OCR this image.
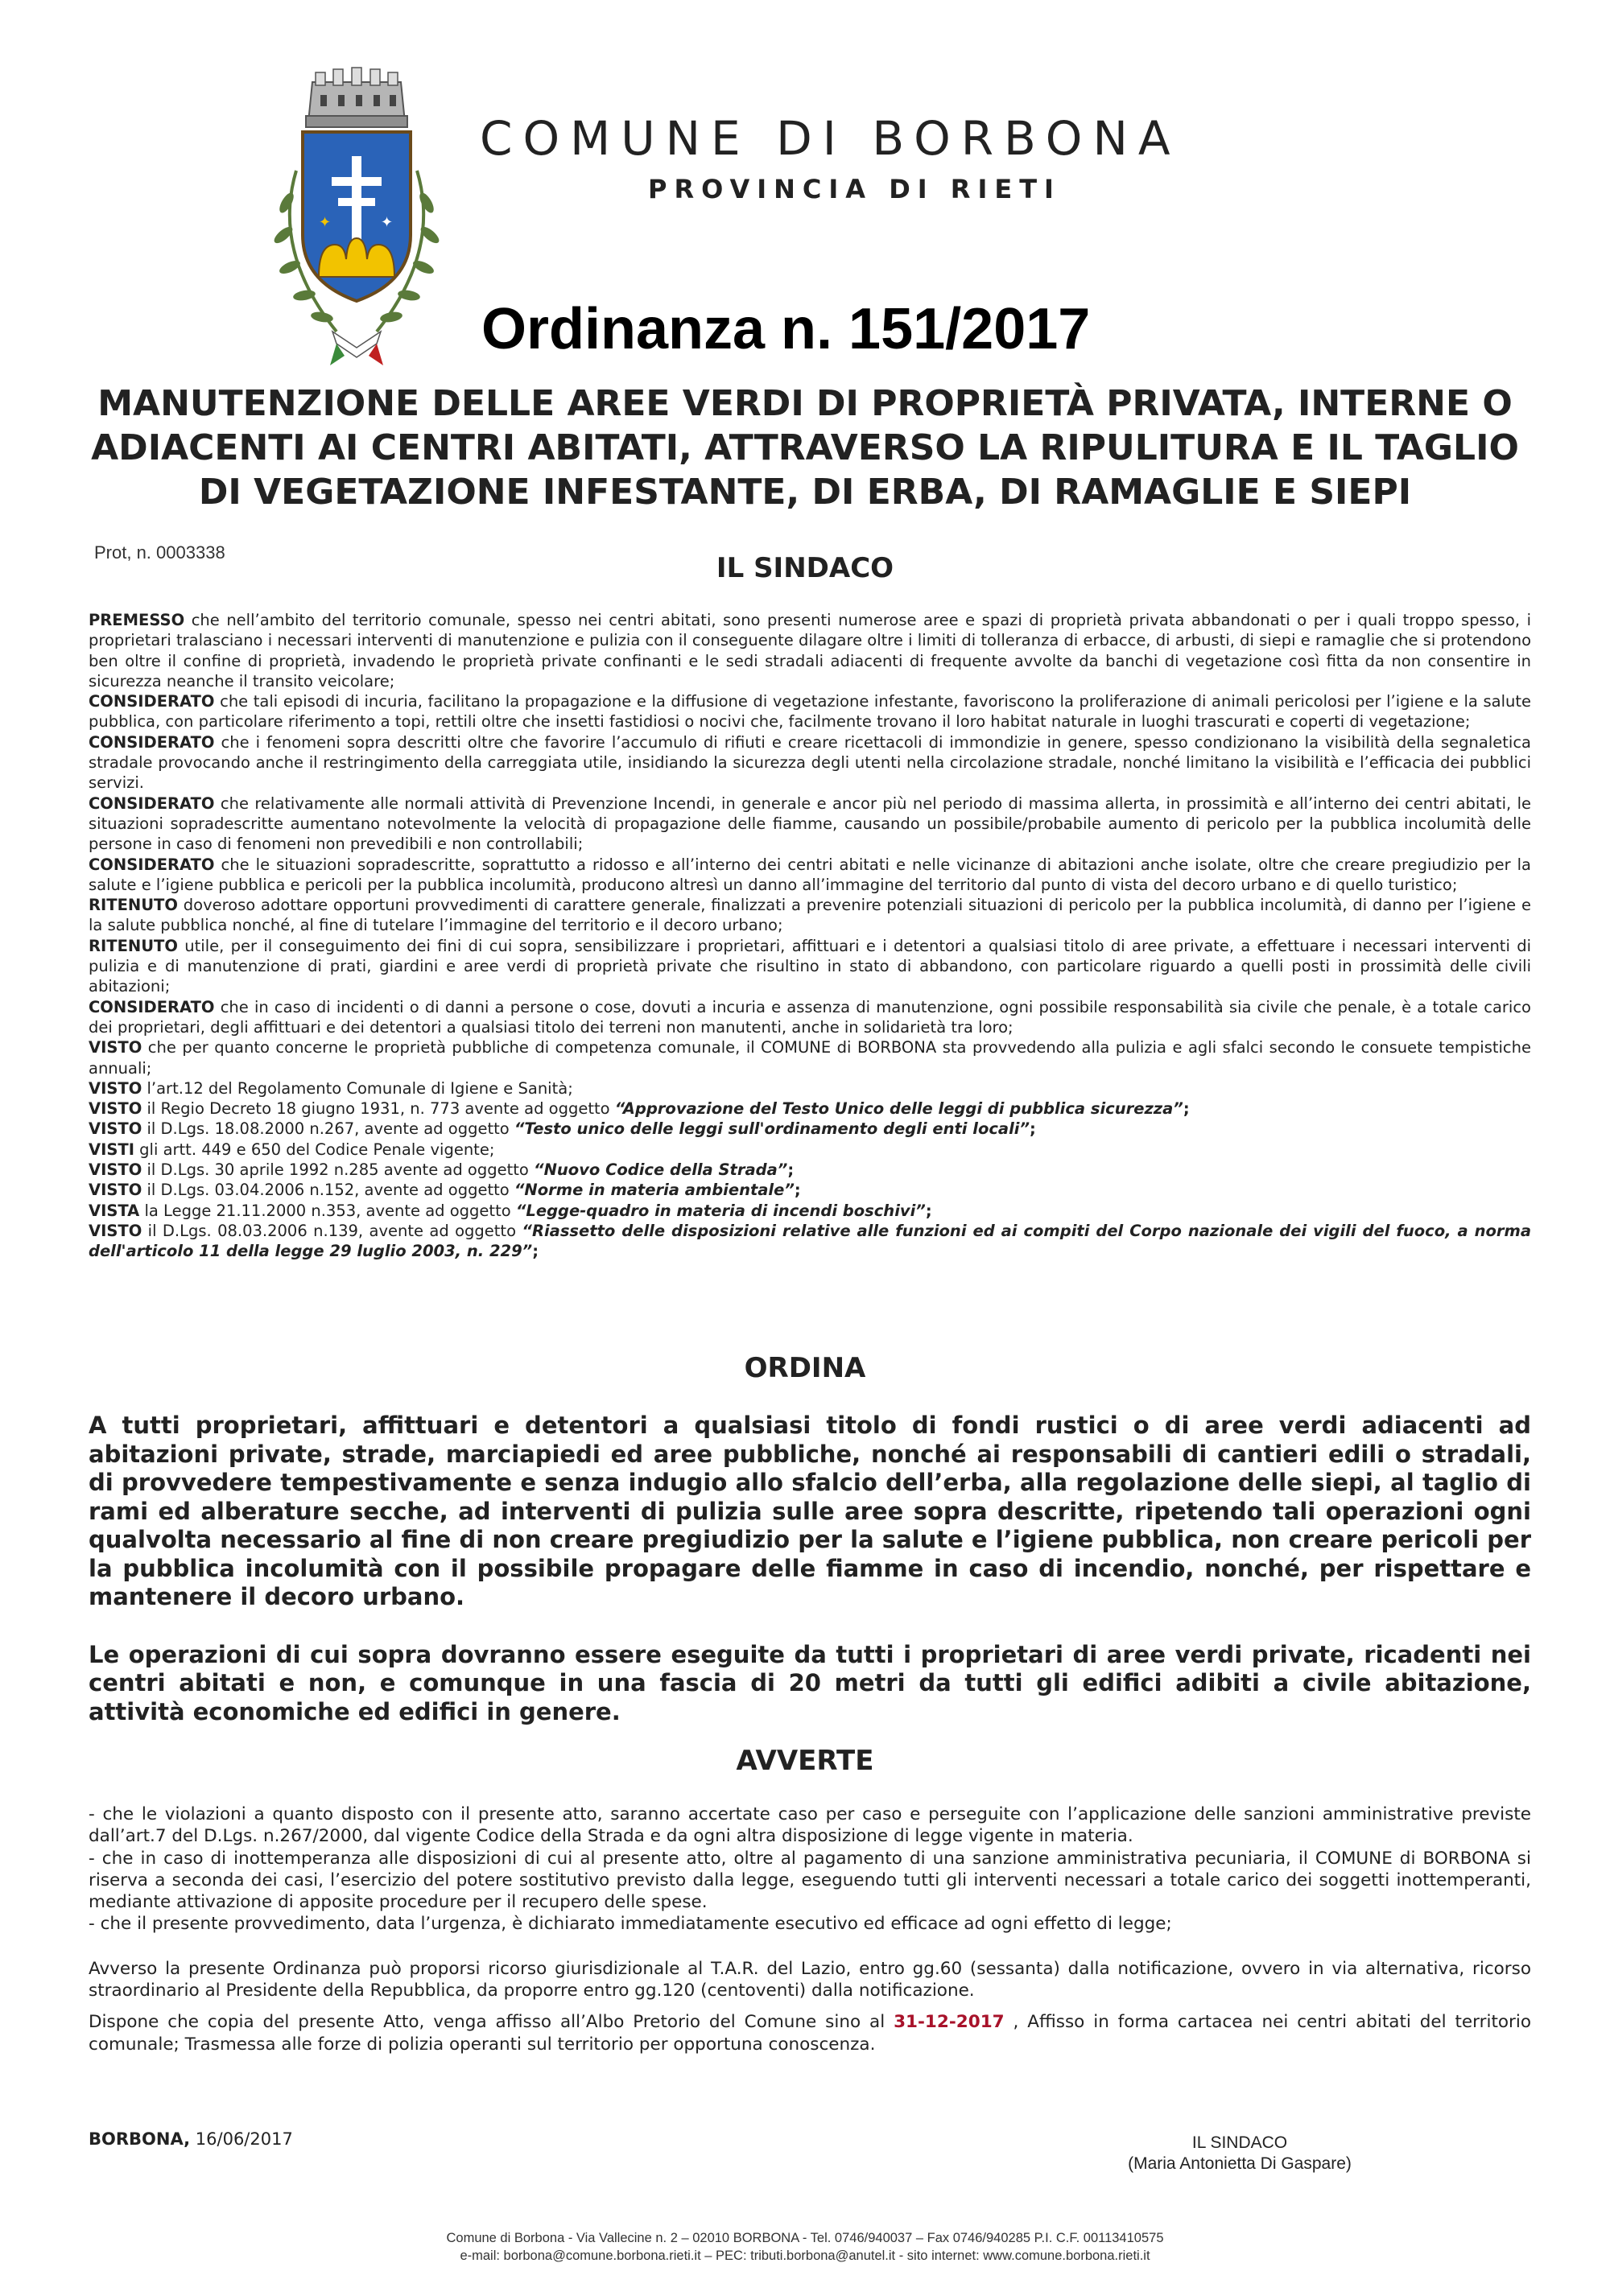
✦	✦
COMUNE DI BORBONA
PROVINCIA DI RIETI
Ordinanza n. 151/2017
MANUTENZIONE DELLE AREE VERDI DI PROPRIETÀ PRIVATA, INTERNE O ADIACENTI AI CENTRI ABITATI, ATTRAVERSO LA RIPULITURA E IL TAGLIO DI VEGETAZIONE INFESTANTE, DI ERBA, DI RAMAGLIE E SIEPI
Prot, n. 0003338	IL SINDACO

PREMESSO che nell’ambito del territorio comunale, spesso nei centri abitati, sono presenti numerose aree e spazi di proprietà privata abbandonati o per i quali troppo spesso, i proprietari tralasciano i necessari interventi di manutenzione e pulizia con il conseguente dilagare oltre i limiti di tolleranza di erbacce, di arbusti, di siepi e ramaglie che si protendono ben oltre il confine di proprietà, invadendo le proprietà private confinanti e le sedi stradali adiacenti di frequente avvolte da banchi di vegetazione così fitta da non consentire in sicurezza neanche il transito veicolare;

CONSIDERATO che tali episodi di incuria, facilitano la propagazione e la diffusione di vegetazione infestante, favoriscono la proliferazione di animali pericolosi per l’igiene e la salute pubblica, con particolare riferimento a topi, rettili oltre che insetti fastidiosi o nocivi che, facilmente trovano il loro habitat naturale in luoghi trascurati e coperti di vegetazione;

CONSIDERATO che i fenomeni sopra descritti oltre che favorire l’accumulo di rifiuti e creare ricettacoli di immondizie in genere, spesso condizionano la visibilità della segnaletica stradale provocando anche il restringimento della carreggiata utile, insidiando la sicurezza degli utenti nella circolazione stradale, nonché limitano la visibilità e l’efficacia dei pubblici servizi.

CONSIDERATO che relativamente alle normali attività di Prevenzione Incendi, in generale e ancor più nel periodo di massima allerta, in prossimità e all’interno dei centri abitati, le situazioni sopradescritte aumentano notevolmente la velocità di propagazione delle fiamme, causando un possibile/probabile aumento di pericolo per la pubblica incolumità delle persone in caso di fenomeni non prevedibili e non controllabili;

CONSIDERATO che le situazioni sopradescritte, soprattutto a ridosso e all’interno dei centri abitati e nelle vicinanze di abitazioni anche isolate, oltre che creare pregiudizio per la salute e l’igiene pubblica e pericoli per la pubblica incolumità, producono altresì un danno all’immagine del territorio dal punto di vista del decoro urbano e di quello turistico;

RITENUTO doveroso adottare opportuni provvedimenti di carattere generale, finalizzati a prevenire potenziali situazioni di pericolo per la pubblica incolumità, di danno per l’igiene e la salute pubblica nonché, al fine di tutelare l’immagine del territorio e il decoro urbano;

RITENUTO utile, per il conseguimento dei fini di cui sopra, sensibilizzare i proprietari, affittuari e i detentori a qualsiasi titolo di aree private, a effettuare i necessari interventi di pulizia e di manutenzione di prati, giardini e aree verdi di proprietà private che risultino in stato di abbandono, con particolare riguardo a quelli posti in prossimità delle civili abitazioni;

CONSIDERATO che in caso di incidenti o di danni a persone o cose, dovuti a incuria e assenza di manutenzione, ogni possibile responsabilità sia civile che penale, è a totale carico dei proprietari, degli affittuari e dei detentori a qualsiasi titolo dei terreni non manutenti, anche in solidarietà tra loro;

VISTO che per quanto concerne le proprietà pubbliche di competenza comunale, il COMUNE di BORBONA sta provvedendo alla pulizia e agli sfalci secondo le consuete tempistiche annuali;

VISTO l’art.12 del Regolamento Comunale di Igiene e Sanità;

VISTO il Regio Decreto 18 giugno 1931, n. 773 avente ad oggetto “Approvazione del Testo Unico delle leggi di pubblica sicurezza”;

VISTO il D.Lgs. 18.08.2000 n.267, avente ad oggetto “Testo unico delle leggi sull'ordinamento degli enti locali”;

VISTI gli artt. 449 e 650 del Codice Penale vigente;

VISTO il D.Lgs. 30 aprile 1992 n.285 avente ad oggetto “Nuovo Codice della Strada”;

VISTO il D.Lgs. 03.04.2006 n.152, avente ad oggetto “Norme in materia ambientale”;

VISTA la Legge 21.11.2000 n.353, avente ad oggetto “Legge-quadro in materia di incendi boschivi”;

VISTO il D.Lgs. 08.03.2006 n.139, avente ad oggetto “Riassetto delle disposizioni relative alle funzioni ed ai compiti del Corpo nazionale dei vigili del fuoco, a norma dell'articolo 11 della legge 29 luglio 2003, n. 229”;

ORDINA

A tutti proprietari, affittuari e detentori a qualsiasi titolo di fondi rustici o di aree verdi adiacenti ad abitazioni private, strade, marciapiedi ed aree pubbliche, nonché ai responsabili di cantieri edili o stradali, di provvedere tempestivamente e senza indugio allo sfalcio dell’erba, alla regolazione delle siepi, al taglio di rami ed alberature secche, ad interventi di pulizia sulle aree sopra descritte, ripetendo tali operazioni ogni qualvolta necessario al fine di non creare pregiudizio per la salute e l’igiene pubblica, non creare pericoli per la pubblica incolumità con il possibile propagare delle fiamme in caso di incendio, nonché, per rispettare e mantenere il decoro urbano.

Le operazioni di cui sopra dovranno essere eseguite da tutti i proprietari di aree verdi private, ricadenti nei centri abitati e non, e comunque in una fascia di 20 metri da tutti gli edifici adibiti a civile abitazione, attività economiche ed edifici in genere.

AVVERTE

- che le violazioni a quanto disposto con il presente atto, saranno accertate caso per caso e perseguite con l’applicazione delle sanzioni amministrative previste dall’art.7 del D.Lgs. n.267/2000, dal vigente Codice della Strada e da ogni altra disposizione di legge vigente in materia.

- che in caso di inottemperanza alle disposizioni di cui al presente atto, oltre al pagamento di una sanzione amministrativa pecuniaria, il COMUNE di BORBONA si riserva a seconda dei casi, l’esercizio del potere sostitutivo previsto dalla legge, eseguendo tutti gli interventi necessari a totale carico dei soggetti inottemperanti, mediante attivazione di apposite procedure per il recupero delle spese.

- che il presente provvedimento, data l’urgenza, è dichiarato immediatamente esecutivo ed efficace ad ogni effetto di legge;

Avverso la presente Ordinanza può proporsi ricorso giurisdizionale al T.A.R. del Lazio, entro gg.60 (sessanta) dalla notificazione, ovvero in via alternativa, ricorso straordinario al Presidente della Repubblica, da proporre entro gg.120 (centoventi) dalla notificazione.

Dispone che copia del presente Atto, venga affisso all’Albo Pretorio del Comune sino al 31-12-2017 , Affisso in forma cartacea nei centri abitati del territorio comunale; Trasmessa alle forze di polizia operanti sul territorio per opportuna conoscenza.

BORBONA, 16/06/2017	IL SINDACO
(Maria Antonietta Di Gaspare)
Comune di Borbona - Via Vallecine n. 2 – 02010 BORBONA - Tel. 0746/940037 – Fax 0746/940285 P.I. C.F. 00113410575
e-mail: borbona@comune.borbona.rieti.it – PEC: tributi.borbona@anutel.it - sito internet: www.comune.borbona.rieti.it
